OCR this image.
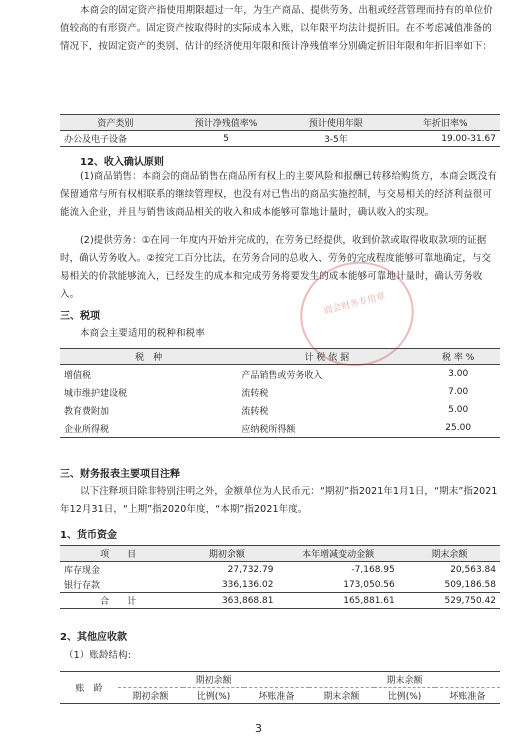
本商会的固定资产指使用期限超过一年，为生产商品、提供劳务、出租或经营管理而持有的单位价值较高的有形资产。固定资产按取得时的实际成本入账，以年限平均法计提折旧。在不考虑减值准备的情况下，按固定资产的类别、估计的经济使用年限和预计净残值率分别确定折旧年限和年折旧率如下：
资产类别	预计净残值率%	预计使用年限	年折旧率%
办公及电子设备	5	3-5年	19.00-31.67
12、收入确认原则
(1)商品销售：本商会的商品销售在商品所有权上的主要风险和报酬已转移给购货方，本商会既没有保留通常与所有权相联系的继续管理权，也没有对已售出的商品实施控制，与交易相关的经济利益很可能流入企业，并且与销售该商品相关的收入和成本能够可靠地计量时，确认收入的实现。
(2)提供劳务：①在同一年度内开始并完成的，在劳务已经提供，收到价款或取得收取款项的证据时，确认劳务收入。②按完工百分比法，在劳务合同的总收入、劳务的完成程度能够可靠地确定，与交易相关的价款能够流入，已经发生的成本和完成劳务将要发生的成本能够可靠地计量时，确认劳务收入。
三、税项
本商会主要适用的税种和税率
税　种	计 税 依 据	税 率 %
增值税	产品销售或劳务收入	3.00
城市维护建设税	流转税	7.00
教育费附加	流转税	5.00
企业所得税	应纳税所得额	25.00
商会财务专用章
三、财务报表主要项目注释
以下注释项目除非特别注明之外，金额单位为人民币元：“期初”指2021年1月1日，“期末”指2021年12月31日，“上期”指2020年度，“本期”指2021年度。
1、货币资金
项　　目	期初余额	本年增减变动金额	期末余额
库存现金	27,732.79	-7,168.95	20,563.84
银行存款	336,136.02	173,050.56	509,186.58
合　　计	363,868.81	165,881.61	529,750.42
2、其他应收款
（1）账龄结构:
账　龄	期初余额			期末余额		
	期初余额	比例(%)	坏账准备	期末余额	比例(%)	坏账准备
3
